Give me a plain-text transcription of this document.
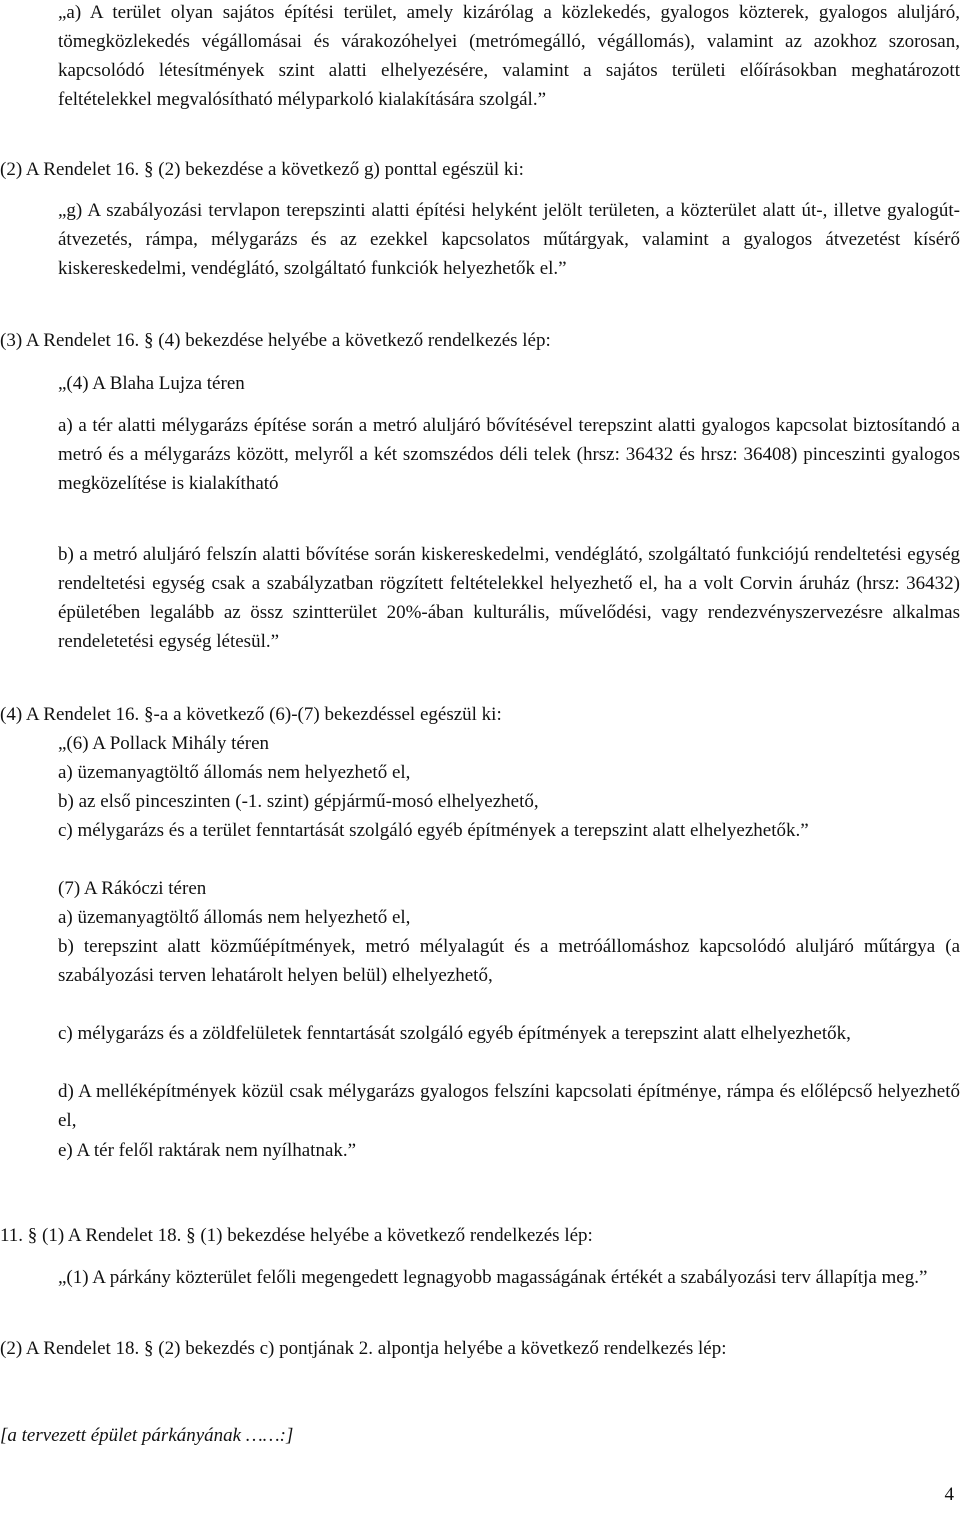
„a) A terület olyan sajátos építési terület, amely kizárólag a közlekedés, gyalogos közterek, gyalogos aluljáró, tömegközlekedés végállomásai és várakozóhelyei (metrómegálló, végállomás), valamint az azokhoz szorosan, kapcsolódó létesítmények szint alatti elhelyezésére, valamint a sajátos területi előírásokban meghatározott feltételekkel megvalósítható mélyparkoló kialakítására szolgál.”

(2) A Rendelet 16. § (2) bekezdése a következő g) ponttal egészül ki:

„g) A szabályozási tervlapon terepszinti alatti építési helyként jelölt területen, a közterület alatt út-, illetve gyalogút-átvezetés, rámpa, mélygarázs és az ezekkel kapcsolatos műtárgyak, valamint a gyalogos átvezetést kísérő kiskereskedelmi, vendéglátó, szolgáltató funkciók helyezhetők el.”

(3) A Rendelet 16. § (4) bekezdése helyébe a következő rendelkezés lép:

„(4) A Blaha Lujza téren

a) a tér alatti mélygarázs építése során a metró aluljáró bővítésével terepszint alatti gyalogos kapcsolat biztosítandó a metró és a mélygarázs között, melyről a két szomszédos déli telek (hrsz: 36432 és hrsz: 36408) pinceszinti gyalogos megközelítése is kialakítható

b) a metró aluljáró felszín alatti bővítése során kiskereskedelmi, vendéglátó, szolgáltató funkciójú rendeltetési egység rendeltetési egység csak a szabályzatban rögzített feltételekkel helyezhető el, ha a volt Corvin áruház (hrsz: 36432) épületében legalább az össz szintterület 20%-ában kulturális, művelődési, vagy rendezvényszervezésre alkalmas rendeletetési egység létesül.”

(4) A Rendelet 16. §-a a következő (6)-(7) bekezdéssel egészül ki:

„(6) A Pollack Mihály téren

a) üzemanyagtöltő állomás nem helyezhető el,

b) az első pinceszinten (-1. szint) gépjármű-mosó elhelyezhető,

c) mélygarázs és a terület fenntartását szolgáló egyéb építmények a terepszint alatt elhelyezhetők.”

(7) A Rákóczi téren

a) üzemanyagtöltő állomás nem helyezhető el,

b) terepszint alatt közműépítmények, metró mélyalagút és a metróállomáshoz kapcsolódó aluljáró műtárgya (a szabályozási terven lehatárolt helyen belül) elhelyezhető,

c) mélygarázs és a zöldfelületek fenntartását szolgáló egyéb építmények a terepszint alatt elhelyezhetők,

d) A melléképítmények közül csak mélygarázs gyalogos felszíni kapcsolati építménye, rámpa és előlépcső helyezhető el,

e) A tér felől raktárak nem nyílhatnak.”

11. § (1) A Rendelet 18. § (1) bekezdése helyébe a következő rendelkezés lép:

„(1) A párkány közterület felőli megengedett legnagyobb magasságának értékét a szabályozási terv állapítja meg.”

(2) A Rendelet 18. § (2) bekezdés c) pontjának 2. alpontja helyébe a következő rendelkezés lép:

[a tervezett épület párkányának ……:]

4
